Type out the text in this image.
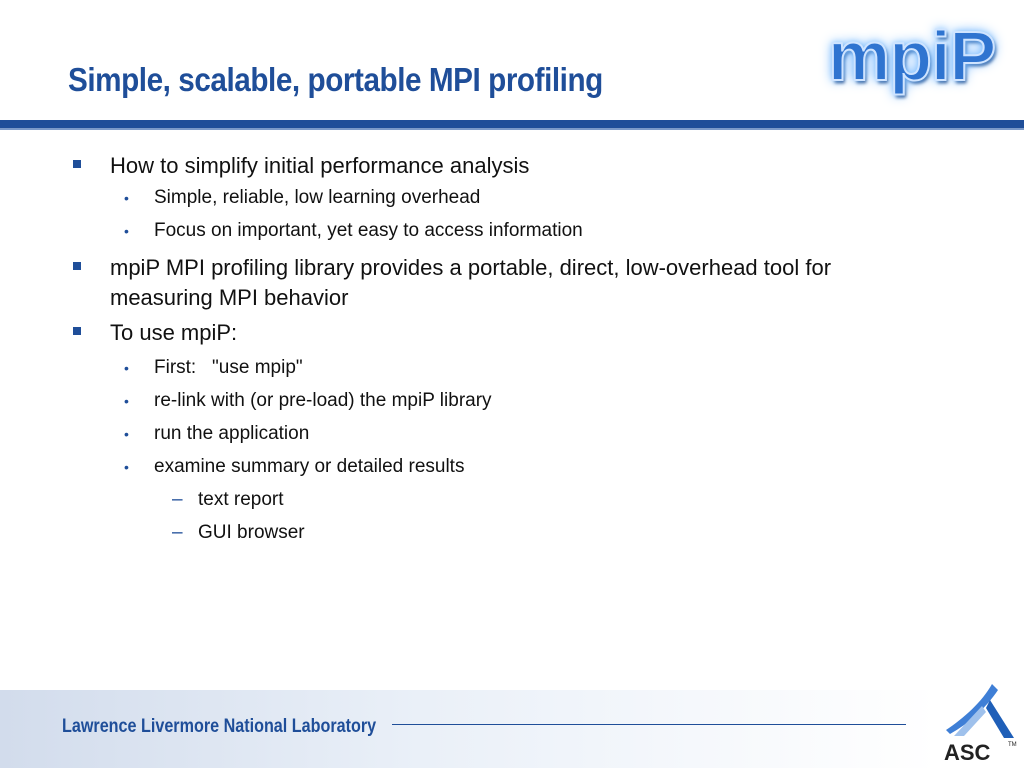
Simple, scalable, portable MPI profiling	mpiP
How to simplify initial performance analysis
• Simple, reliable, low learning overhead
• Focus on important, yet easy to access information
mpiP MPI profiling library provides a portable, direct, low-overhead tool for
measuring MPI behavior
To use mpiP:
• First:   "use mpip"
• re-link with (or pre-load) the mpiP library
• run the application
• examine summary or detailed results
– text report
– GUI browser
Lawrence Livermore National Laboratory
ASC	TM
